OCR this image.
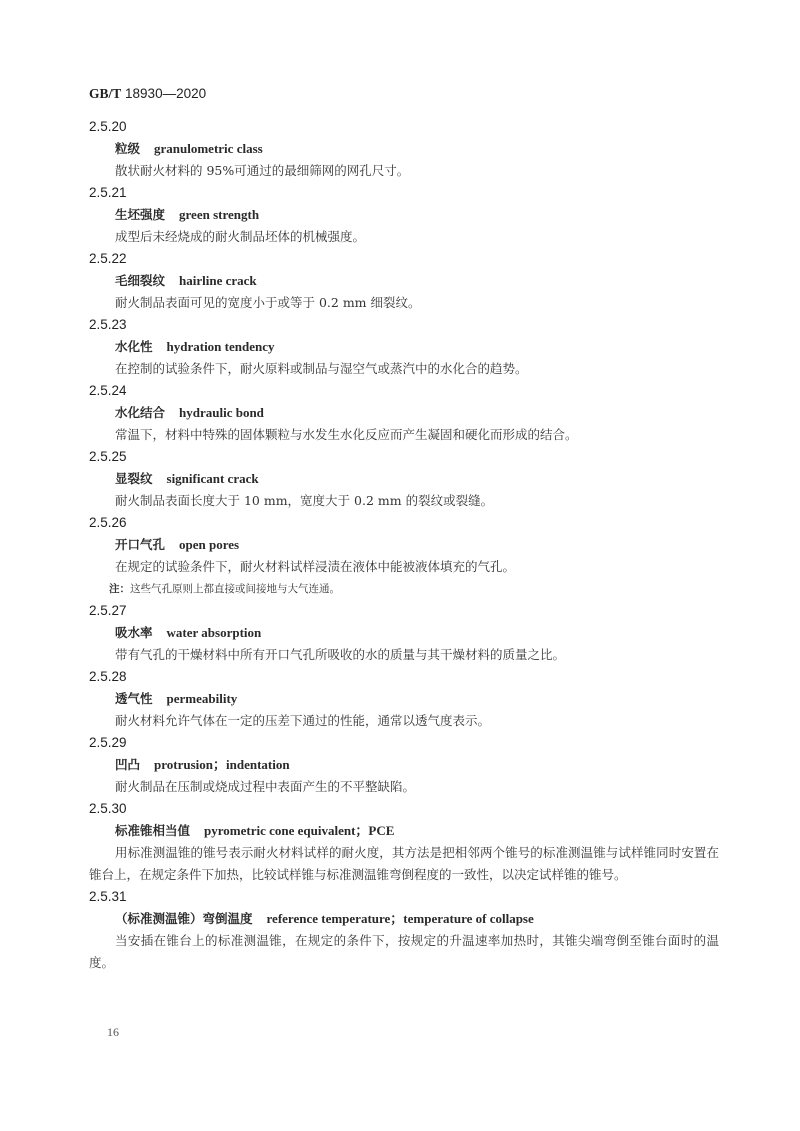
GB/T 18930—2020
2.5.20
粒级 granulometric class
散状耐火材料的 95%可通过的最细筛网的网孔尺寸。
2.5.21
生坯强度 green strength
成型后未经烧成的耐火制品坯体的机械强度。
2.5.22
毛细裂纹 hairline crack
耐火制品表面可见的宽度小于或等于 0.2 mm 细裂纹。
2.5.23
水化性 hydration tendency
在控制的试验条件下，耐火原料或制品与湿空气或蒸汽中的水化合的趋势。
2.5.24
水化结合 hydraulic bond
常温下，材料中特殊的固体颗粒与水发生水化反应而产生凝固和硬化而形成的结合。
2.5.25
显裂纹 significant crack
耐火制品表面长度大于 10 mm，宽度大于 0.2 mm 的裂纹或裂缝。
2.5.26
开口气孔 open pores
在规定的试验条件下，耐火材料试样浸渍在液体中能被液体填充的气孔。
注：这些气孔原则上都直接或间接地与大气连通。
2.5.27
吸水率 water absorption
带有气孔的干燥材料中所有开口气孔所吸收的水的质量与其干燥材料的质量之比。
2.5.28
透气性 permeability
耐火材料允许气体在一定的压差下通过的性能，通常以透气度表示。
2.5.29
凹凸 protrusion；indentation
耐火制品在压制或烧成过程中表面产生的不平整缺陷。
2.5.30
标准锥相当值 pyrometric cone equivalent；PCE
用标准测温锥的锥号表示耐火材料试样的耐火度，其方法是把相邻两个锥号的标准测温锥与试样锥同时安置在锥台上，在规定条件下加热，比较试样锥与标准测温锥弯倒程度的一致性，以决定试样锥的锥号。
2.5.31
（标准测温锥）弯倒温度 reference temperature；temperature of collapse
当安插在锥台上的标准测温锥，在规定的条件下，按规定的升温速率加热时，其锥尖端弯倒至锥台面时的温度。
16
